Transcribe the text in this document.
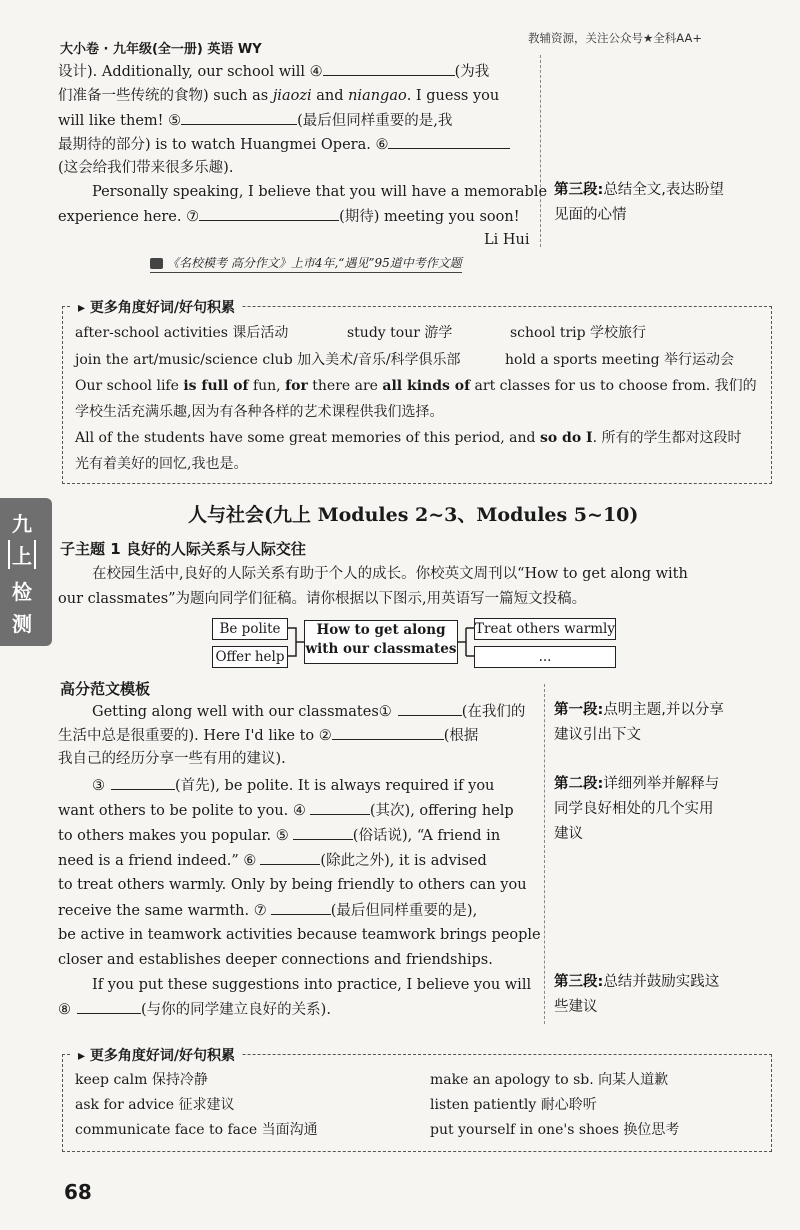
大小卷 · 九年级(全一册) 英语 WY
教辅资源，关注公众号★全科AA+
设计). Additionally, our school will ④	(为我
们准备一些传统的食物) such as jiaozi and niangao. I guess you
will like them! ⑤	(最后但同样重要的是,我
最期待的部分) is to watch Huangmei Opera. ⑥
(这会给我们带来很多乐趣).
Personally speaking, I believe that you will have a memorable
experience here. ⑦	(期待) meeting you soon!
Li Hui
《名校模考 高分作文》上市4年,“遇见”95道中考作文题
第三段:总结全文,表达盼望
见面的心情
▸ 更多角度好词/好句积累
after-school activities 课后活动	study tour 游学	school trip 学校旅行
join the art/music/science club 加入美术/音乐/科学俱乐部	hold a sports meeting 举行运动会
Our school life is full of fun, for there are all kinds of art classes for us to choose from. 我们的
学校生活充满乐趣,因为有各种各样的艺术课程供我们选择。
All of the students have some great memories of this period, and so do I. 所有的学生都对这段时
光有着美好的回忆,我也是。
九
上
检
测
人与社会(九上 Modules 2~3、Modules 5~10)
子主题 1 良好的人际关系与人际交往
在校园生活中,良好的人际关系有助于个人的成长。你校英文周刊以“How to get along with
our classmates”为题向同学们征稿。请你根据以下图示,用英语写一篇短文投稿。
Be polite
Offer help
How to get along
with our classmates
Treat others warmly
...
高分范文模板
Getting along well with our classmates①	(在我们的
生活中总是很重要的). Here I'd like to ②	(根据
我自己的经历分享一些有用的建议).
③	(首先), be polite. It is always required if you
want others to be polite to you. ④	(其次), offering help
to others makes you popular. ⑤	(俗话说), “A friend in
need is a friend indeed.” ⑥	(除此之外), it is advised
to treat others warmly. Only by being friendly to others can you
receive the same warmth. ⑦	(最后但同样重要的是),
be active in teamwork activities because teamwork brings people
closer and establishes deeper connections and friendships.
If you put these suggestions into practice, I believe you will
⑧	(与你的同学建立良好的关系).
第一段:点明主题,并以分享
建议引出下文
第二段:详细列举并解释与
同学良好相处的几个实用
建议
第三段:总结并鼓励实践这
些建议
▸ 更多角度好词/好句积累
keep calm 保持冷静
ask for advice 征求建议
communicate face to face 当面沟通
make an apology to sb. 向某人道歉
listen patiently 耐心聆听
put yourself in one's shoes 换位思考
68
